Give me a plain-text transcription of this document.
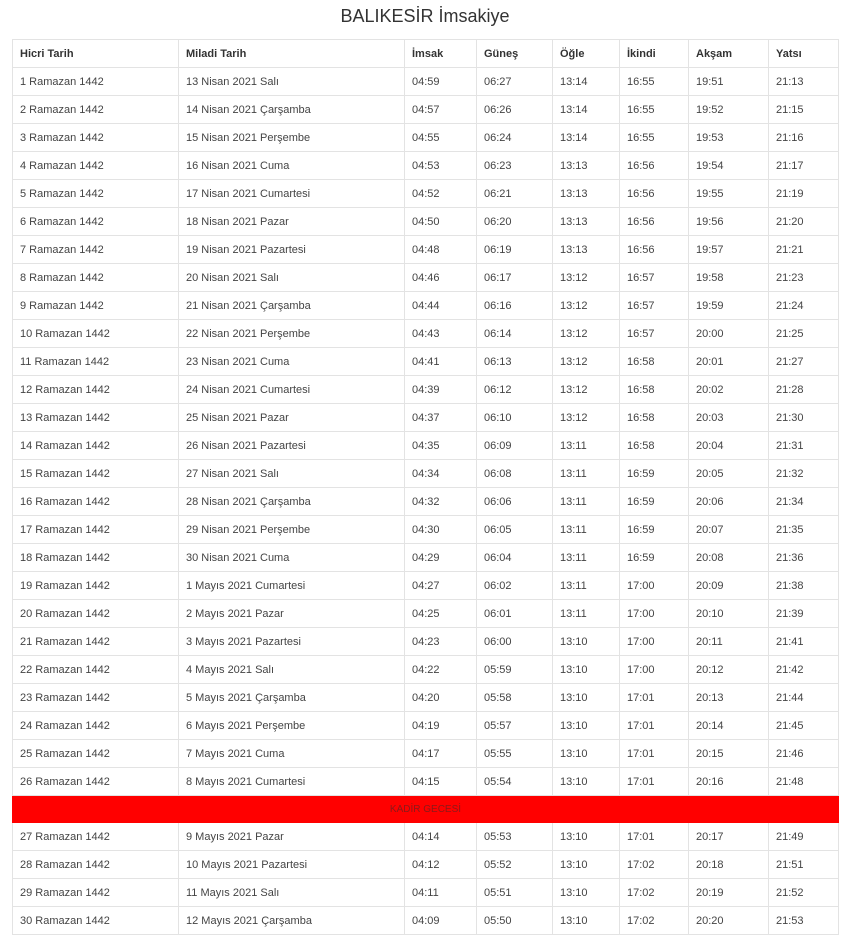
BALIKESİR İmsakiye
Hicri Tarih	Miladi Tarih	İmsak	Güneş	Öğle	İkindi	Akşam	Yatsı
1 Ramazan 1442	13 Nisan 2021 Salı	04:59	06:27	13:14	16:55	19:51	21:13
2 Ramazan 1442	14 Nisan 2021 Çarşamba	04:57	06:26	13:14	16:55	19:52	21:15
3 Ramazan 1442	15 Nisan 2021 Perşembe	04:55	06:24	13:14	16:55	19:53	21:16
4 Ramazan 1442	16 Nisan 2021 Cuma	04:53	06:23	13:13	16:56	19:54	21:17
5 Ramazan 1442	17 Nisan 2021 Cumartesi	04:52	06:21	13:13	16:56	19:55	21:19
6 Ramazan 1442	18 Nisan 2021 Pazar	04:50	06:20	13:13	16:56	19:56	21:20
7 Ramazan 1442	19 Nisan 2021 Pazartesi	04:48	06:19	13:13	16:56	19:57	21:21
8 Ramazan 1442	20 Nisan 2021 Salı	04:46	06:17	13:12	16:57	19:58	21:23
9 Ramazan 1442	21 Nisan 2021 Çarşamba	04:44	06:16	13:12	16:57	19:59	21:24
10 Ramazan 1442	22 Nisan 2021 Perşembe	04:43	06:14	13:12	16:57	20:00	21:25
11 Ramazan 1442	23 Nisan 2021 Cuma	04:41	06:13	13:12	16:58	20:01	21:27
12 Ramazan 1442	24 Nisan 2021 Cumartesi	04:39	06:12	13:12	16:58	20:02	21:28
13 Ramazan 1442	25 Nisan 2021 Pazar	04:37	06:10	13:12	16:58	20:03	21:30
14 Ramazan 1442	26 Nisan 2021 Pazartesi	04:35	06:09	13:11	16:58	20:04	21:31
15 Ramazan 1442	27 Nisan 2021 Salı	04:34	06:08	13:11	16:59	20:05	21:32
16 Ramazan 1442	28 Nisan 2021 Çarşamba	04:32	06:06	13:11	16:59	20:06	21:34
17 Ramazan 1442	29 Nisan 2021 Perşembe	04:30	06:05	13:11	16:59	20:07	21:35
18 Ramazan 1442	30 Nisan 2021 Cuma	04:29	06:04	13:11	16:59	20:08	21:36
19 Ramazan 1442	1 Mayıs 2021 Cumartesi	04:27	06:02	13:11	17:00	20:09	21:38
20 Ramazan 1442	2 Mayıs 2021 Pazar	04:25	06:01	13:11	17:00	20:10	21:39
21 Ramazan 1442	3 Mayıs 2021 Pazartesi	04:23	06:00	13:10	17:00	20:11	21:41
22 Ramazan 1442	4 Mayıs 2021 Salı	04:22	05:59	13:10	17:00	20:12	21:42
23 Ramazan 1442	5 Mayıs 2021 Çarşamba	04:20	05:58	13:10	17:01	20:13	21:44
24 Ramazan 1442	6 Mayıs 2021 Perşembe	04:19	05:57	13:10	17:01	20:14	21:45
25 Ramazan 1442	7 Mayıs 2021 Cuma	04:17	05:55	13:10	17:01	20:15	21:46
26 Ramazan 1442	8 Mayıs 2021 Cumartesi	04:15	05:54	13:10	17:01	20:16	21:48
KADİR GECESİ							
27 Ramazan 1442	9 Mayıs 2021 Pazar	04:14	05:53	13:10	17:01	20:17	21:49
28 Ramazan 1442	10 Mayıs 2021 Pazartesi	04:12	05:52	13:10	17:02	20:18	21:51
29 Ramazan 1442	11 Mayıs 2021 Salı	04:11	05:51	13:10	17:02	20:19	21:52
30 Ramazan 1442	12 Mayıs 2021 Çarşamba	04:09	05:50	13:10	17:02	20:20	21:53
